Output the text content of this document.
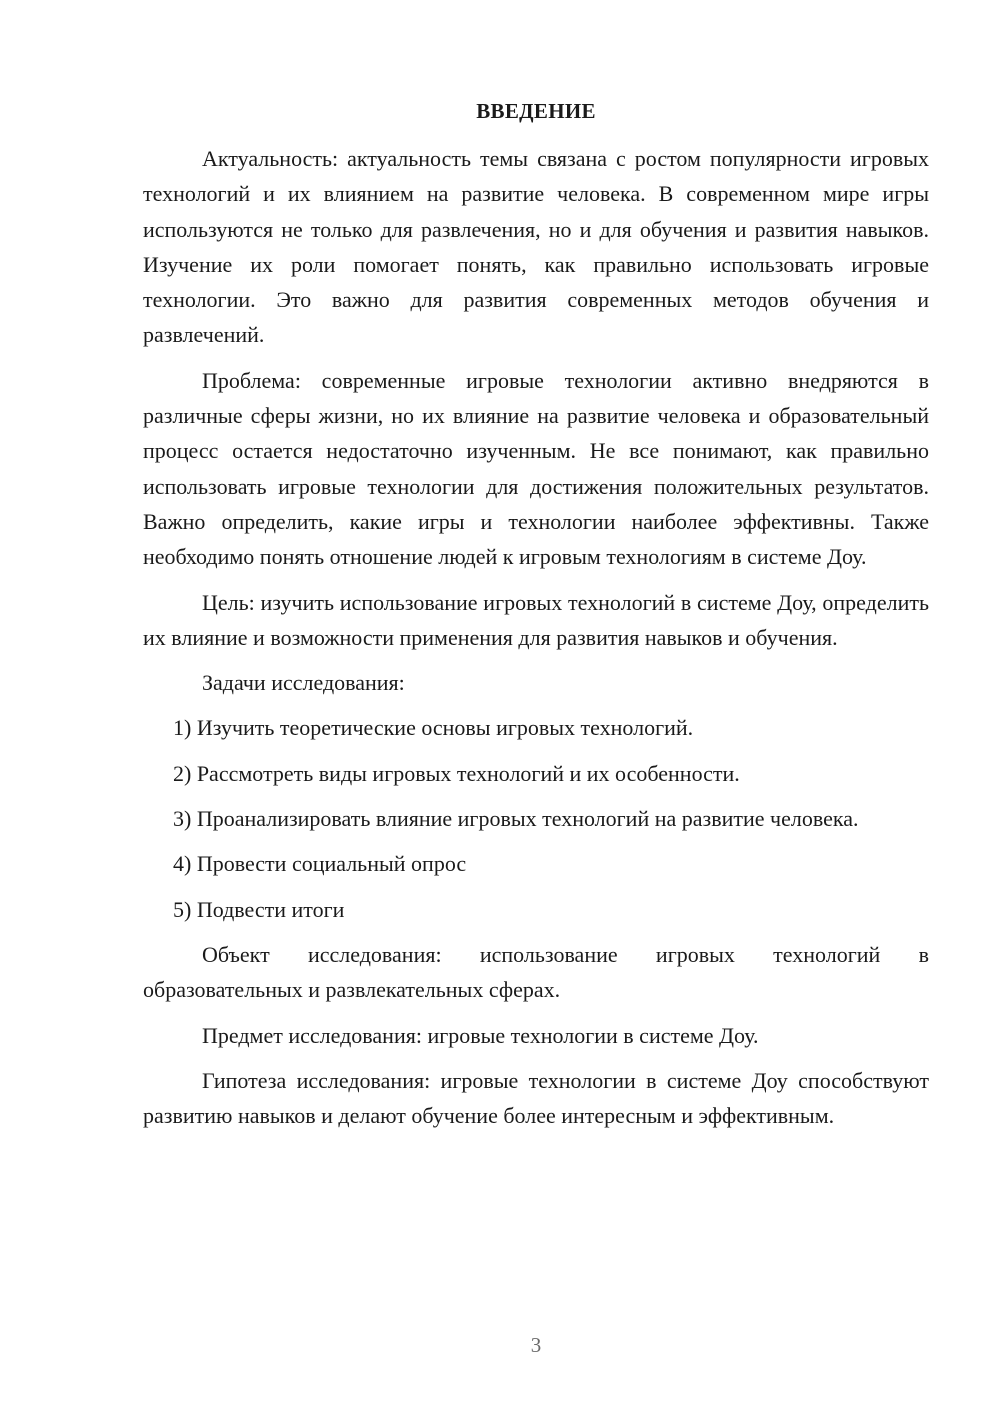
ВВЕДЕНИЕ

Актуальность: актуальность темы связана с ростом популярности игровых технологий и их влиянием на развитие человека. В современном мире игры используются не только для развлечения, но и для обучения и развития навыков. Изучение их роли помогает понять, как правильно использовать игровые технологии. Это важно для развития современных методов обучения и развлечений.

Проблема: современные игровые технологии активно внедряются в различные сферы жизни, но их влияние на развитие человека и образовательный процесс остается недостаточно изученным. Не все понимают, как правильно использовать игровые технологии для достижения положительных результатов. Важно определить, какие игры и технологии наиболее эффективны. Также необходимо понять отношение людей к игровым технологиям в системе Доу.

Цель: изучить использование игровых технологий в системе Доу, определить их влияние и возможности применения для развития навыков и обучения.

Задачи исследования:

1) Изучить теоретические основы игровых технологий.

2) Рассмотреть виды игровых технологий и их особенности.

3) Проанализировать влияние игровых технологий на развитие человека.

4) Провести социальный опрос

5) Подвести итоги

Объект исследования: использование игровых технологий в образовательных и развлекательных сферах.

Предмет исследования: игровые технологии в системе Доу.

Гипотеза исследования: игровые технологии в системе Доу способствуют развитию навыков и делают обучение более интересным и эффективным.

3
